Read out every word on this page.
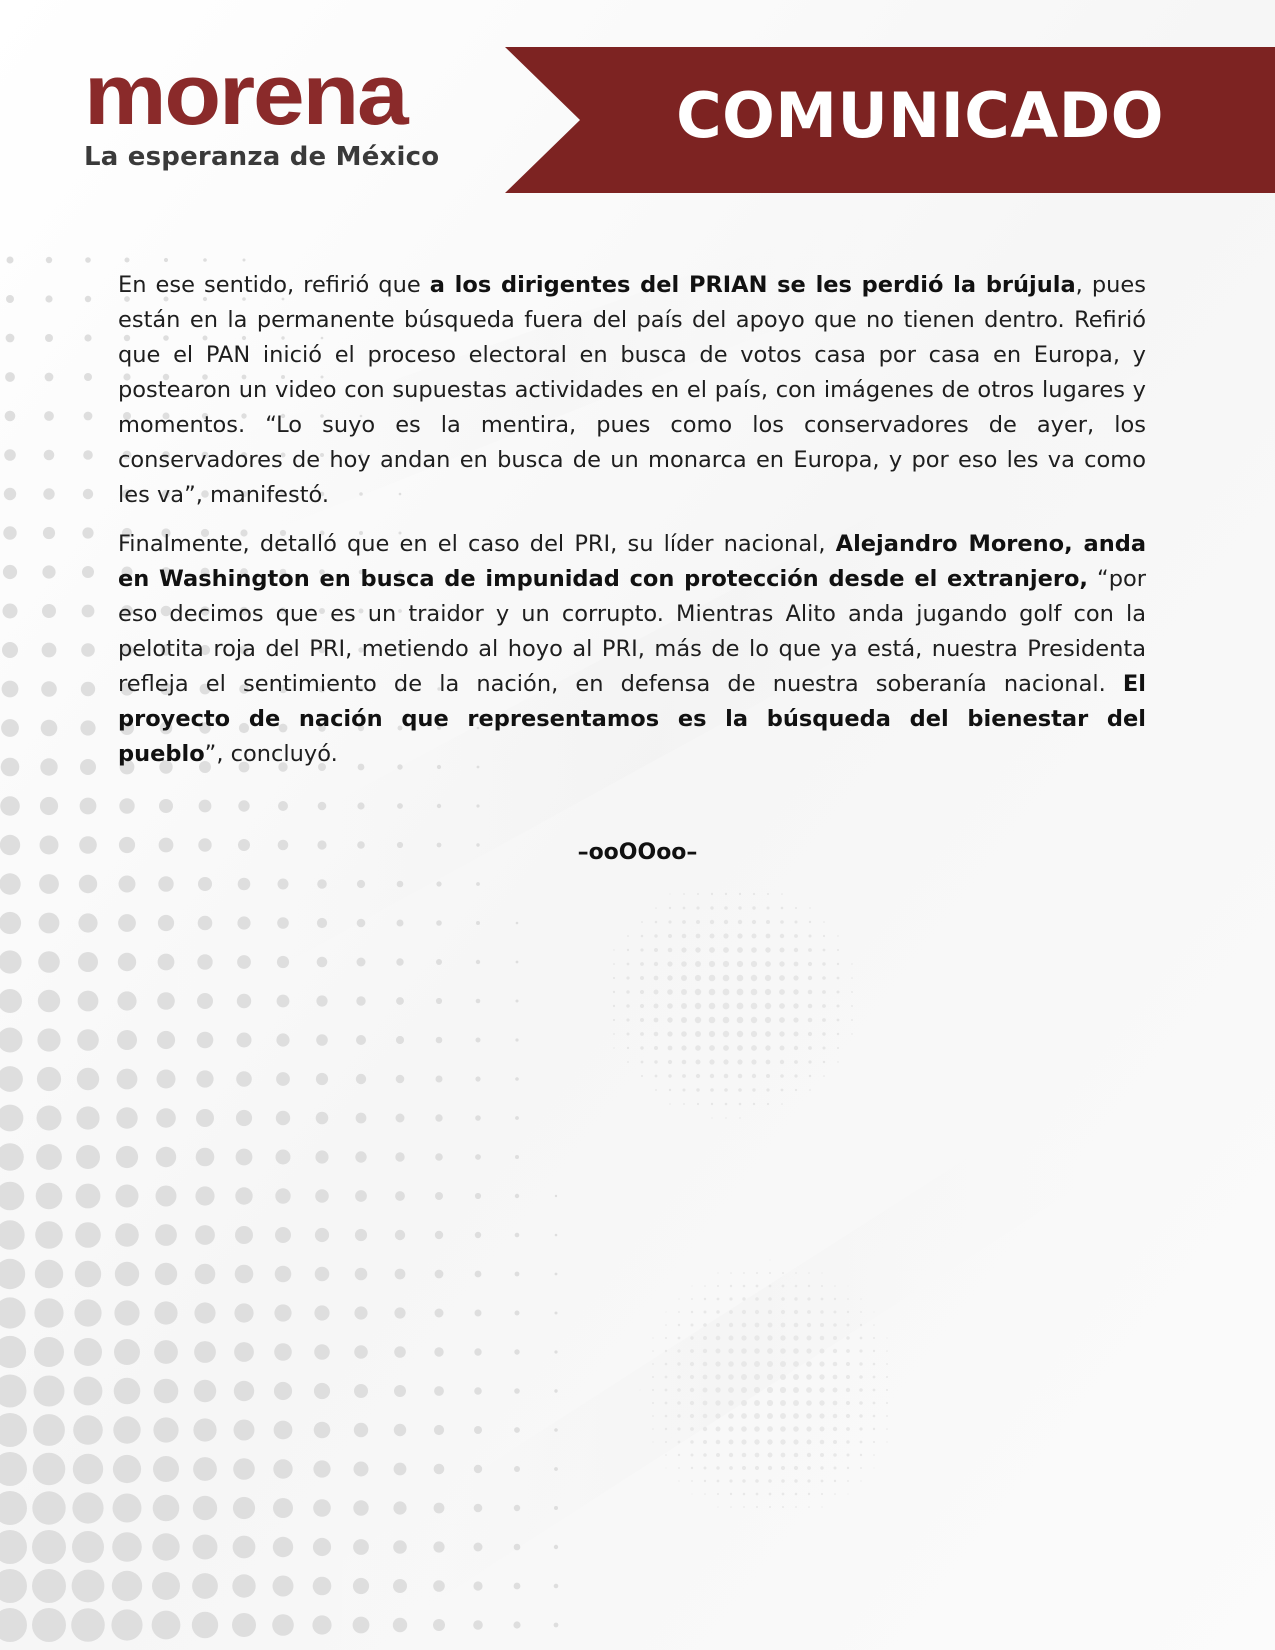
COMUNICADO
morena
La esperanza de México

En ese sentido, refirió que a los dirigentes del PRIAN se les perdió la brújula, pues están en la permanente búsqueda fuera del país del apoyo que no tienen dentro. Refirió que el PAN inició el proceso electoral en busca de votos casa por casa en Europa, y postearon un video con supuestas actividades en el país, con imágenes de otros lugares y momentos. “Lo suyo es la mentira, pues como los conservadores de ayer, los conservadores de hoy andan en busca de un monarca en Europa, y por eso les va como les va”, manifestó.

Finalmente, detalló que en el caso del PRI, su líder nacional, Alejandro Moreno, anda en Washington en busca de impunidad con protección desde el extranjero, “por eso decimos que es un traidor y un corrupto. Mientras Alito anda jugando golf con la pelotita roja del PRI, metiendo al hoyo al PRI, más de lo que ya está, nuestra Presidenta refleja el sentimiento de la nación, en defensa de nuestra soberanía nacional. El proyecto de nación que representamos es la búsqueda del bienestar del pueblo”, concluyó.

–ooOOoo–
